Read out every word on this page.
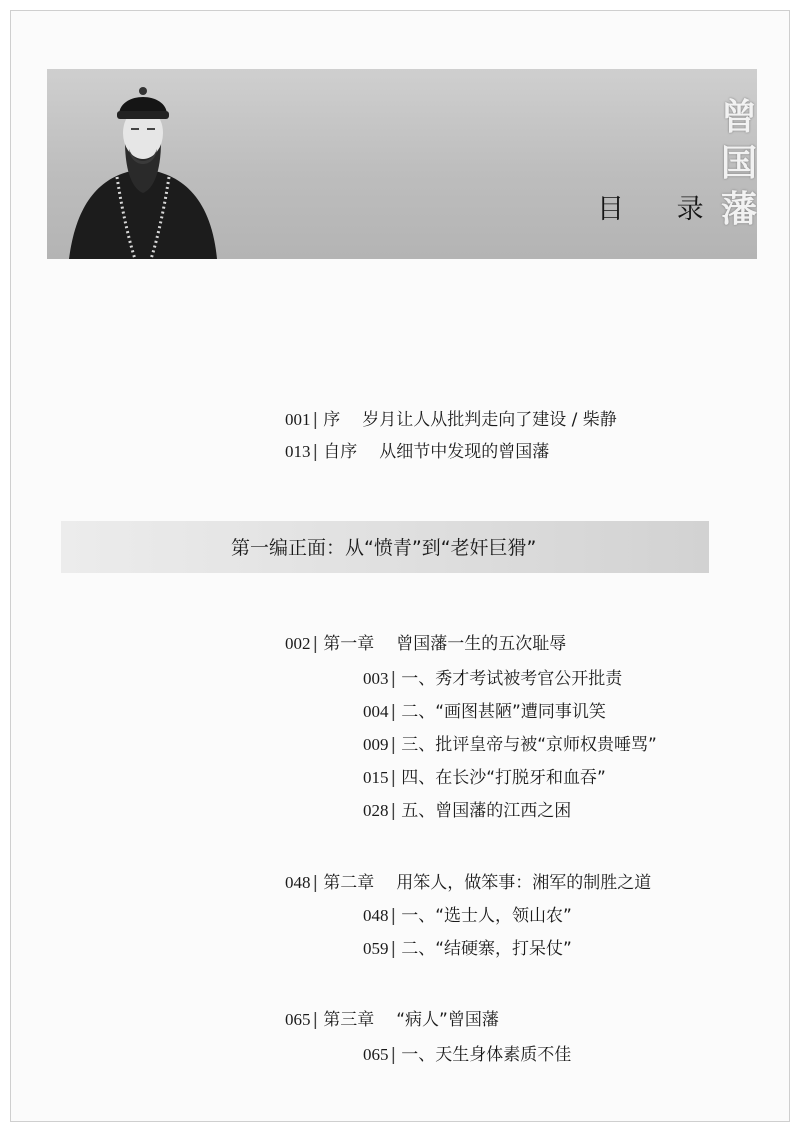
目 录
曾
国
藩
001 | 序 岁月让人从批判走向了建设 / 柴静
013 | 自序 从细节中发现的曾国藩
第一编正面：从“愤青”到“老奸巨猾”
002 | 第一章 曾国藩一生的五次耻辱
003 | 一、秀才考试被考官公开批责
004 | 二、“画图甚陋”遭同事讥笑
009 | 三、批评皇帝与被“京师权贵唾骂”
015 | 四、在长沙“打脱牙和血吞”
028 | 五、曾国藩的江西之困
048 | 第二章 用笨人，做笨事：湘军的制胜之道
048 | 一、“选士人，领山农”
059 | 二、“结硬寨，打呆仗”
065 | 第三章 “病人”曾国藩
065 | 一、天生身体素质不佳
